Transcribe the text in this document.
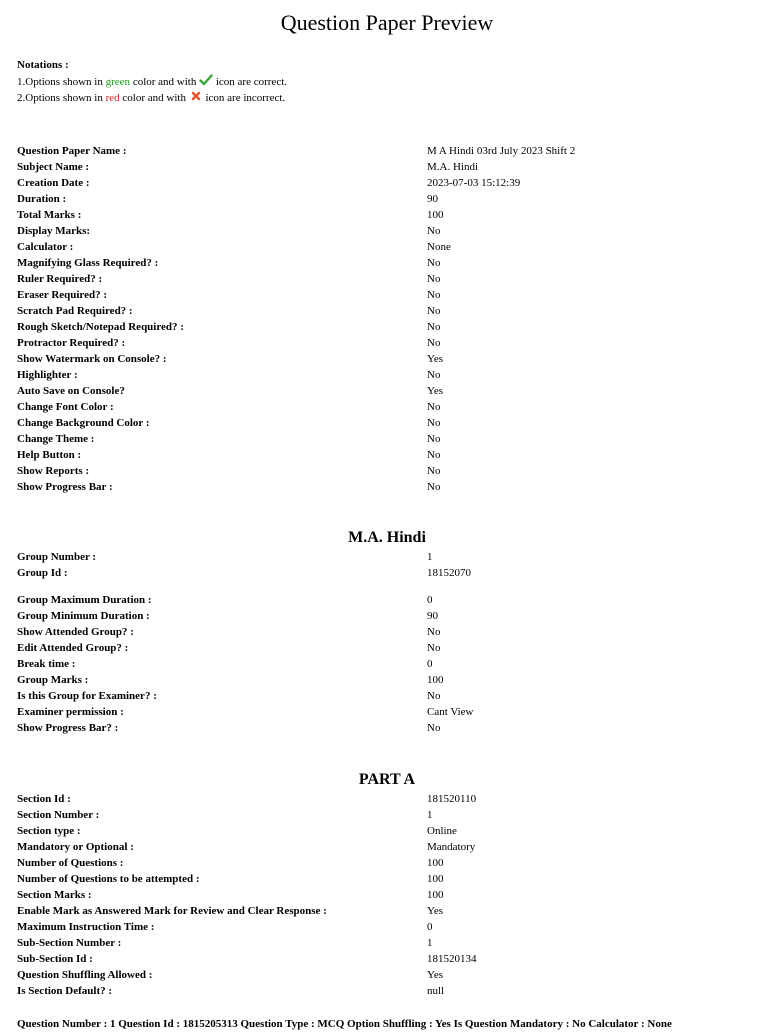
Question Paper Preview
Notations :
1.Options shown in green color and with
icon are correct.
2.Options shown in red color and with
icon are incorrect.
Question Paper Name :	M A Hindi 03rd July 2023 Shift 2
Subject Name :	M.A. Hindi
Creation Date :	2023-07-03 15:12:39
Duration :	90
Total Marks :	100
Display Marks:	No
Calculator :	None
Magnifying Glass Required? :	No
Ruler Required? :	No
Eraser Required? :	No
Scratch Pad Required? :	No
Rough Sketch/Notepad Required? :	No
Protractor Required? :	No
Show Watermark on Console? :	Yes
Highlighter :	No
Auto Save on Console?	Yes
Change Font Color :	No
Change Background Color :	No
Change Theme :	No
Help Button :	No
Show Reports :	No
Show Progress Bar :	No
M.A. Hindi
Group Number :	1
Group Id :	18152070
Group Maximum Duration :	0
Group Minimum Duration :	90
Show Attended Group? :	No
Edit Attended Group? :	No
Break time :	0
Group Marks :	100
Is this Group for Examiner? :	No
Examiner permission :	Cant View
Show Progress Bar? :	No
PART A
Section Id :	181520110
Section Number :	1
Section type :	Online
Mandatory or Optional :	Mandatory
Number of Questions :	100
Number of Questions to be attempted :	100
Section Marks :	100
Enable Mark as Answered Mark for Review and Clear Response :	Yes
Maximum Instruction Time :	0
Sub-Section Number :	1
Sub-Section Id :	181520134
Question Shuffling Allowed :	Yes
Is Section Default? :	null
Question Number : 1 Question Id : 1815205313 Question Type : MCQ Option Shuffling : Yes Is Question Mandatory : No Calculator : None
